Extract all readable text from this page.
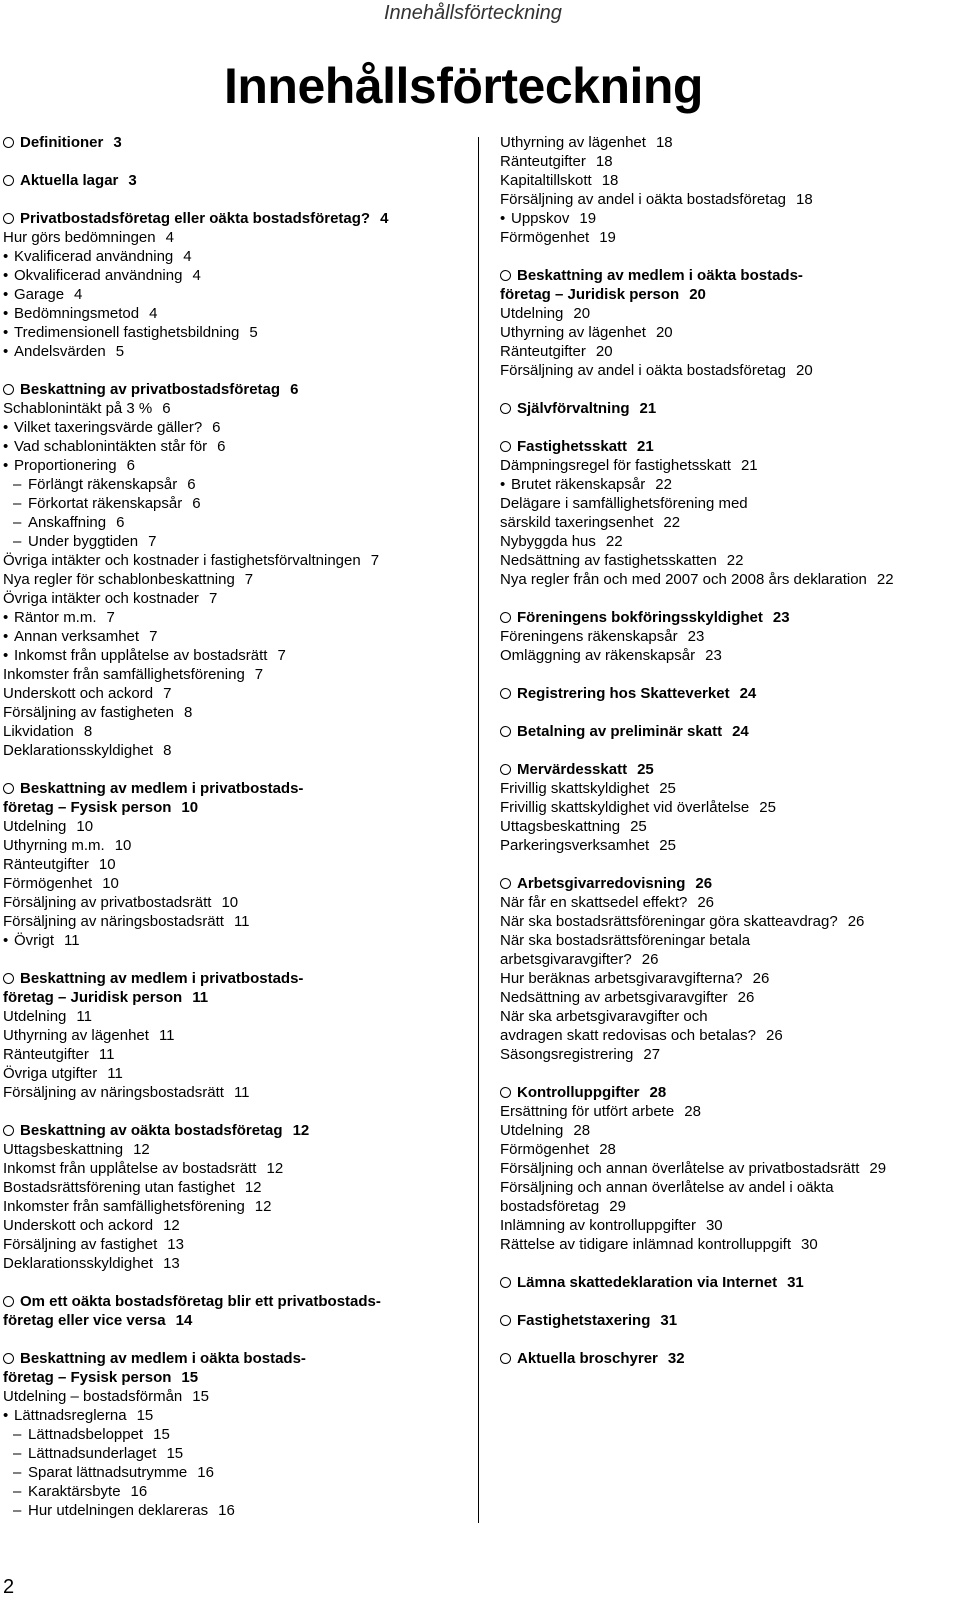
Innehållsförteckning
Innehållsförteckning
Definitioner 3
Aktuella lagar 3
Privatbostadsföretag eller oäkta bostadsföretag? 4
Hur görs bedömningen 4
• Kvalificerad användning 4
• Okvalificerad användning 4
• Garage 4
• Bedömningsmetod 4
• Tredimensionell fastighetsbildning 5
• Andelsvärden 5
Beskattning av privatbostadsföretag 6
Schablonintäkt på 3 % 6
• Vilket taxeringsvärde gäller? 6
• Vad schablonintäkten står för 6
• Proportionering 6
– Förlängt räkenskapsår 6
– Förkortat räkenskapsår 6
– Anskaffning 6
– Under byggtiden 7
Övriga intäkter och kostnader i fastighetsförvaltningen 7
Nya regler för schablonbeskattning 7
Övriga intäkter och kostnader 7
• Räntor m.m. 7
• Annan verksamhet 7
• Inkomst från upplåtelse av bostadsrätt 7
Inkomster från samfällighetsförening 7
Underskott och ackord 7
Försäljning av fastigheten 8
Likvidation 8
Deklarationsskyldighet 8
Beskattning av medlem i privatbostads-
företag – Fysisk person 10
Utdelning 10
Uthyrning m.m. 10
Ränteutgifter 10
Förmögenhet 10
Försäljning av privatbostadsrätt 10
Försäljning av näringsbostadsrätt 11
• Övrigt 11
Beskattning av medlem i privatbostads-
företag – Juridisk person 11
Utdelning 11
Uthyrning av lägenhet 11
Ränteutgifter 11
Övriga utgifter 11
Försäljning av näringsbostadsrätt 11
Beskattning av oäkta bostadsföretag 12
Uttagsbeskattning 12
Inkomst från upplåtelse av bostadsrätt 12
Bostadsrättsförening utan fastighet 12
Inkomster från samfällighetsförening 12
Underskott och ackord 12
Försäljning av fastighet 13
Deklarationsskyldighet 13
Om ett oäkta bostadsföretag blir ett privatbostads-
företag eller vice versa 14
Beskattning av medlem i oäkta bostads-
företag – Fysisk person 15
Utdelning – bostadsförmån 15
• Lättnadsreglerna 15
– Lättnadsbeloppet 15
– Lättnadsunderlaget 15
– Sparat lättnadsutrymme 16
– Karaktärsbyte 16
– Hur utdelningen deklareras 16
Uthyrning av lägenhet 18
Ränteutgifter 18
Kapitaltillskott 18
Försäljning av andel i oäkta bostadsföretag 18
• Uppskov 19
Förmögenhet 19
Beskattning av medlem i oäkta bostads-
företag – Juridisk person 20
Utdelning 20
Uthyrning av lägenhet 20
Ränteutgifter 20
Försäljning av andel i oäkta bostadsföretag 20
Självförvaltning 21
Fastighetsskatt 21
Dämpningsregel för fastighetsskatt 21
• Brutet räkenskapsår 22
Delägare i samfällighetsförening med
särskild taxeringsenhet 22
Nybyggda hus 22
Nedsättning av fastighetsskatten 22
Nya regler från och med 2007 och 2008 års deklaration 22
Föreningens bokföringsskyldighet 23
Föreningens räkenskapsår 23
Omläggning av räkenskapsår 23
Registrering hos Skatteverket 24
Betalning av preliminär skatt 24
Mervärdesskatt 25
Frivillig skattskyldighet 25
Frivillig skattskyldighet vid överlåtelse 25
Uttagsbeskattning 25
Parkeringsverksamhet 25
Arbetsgivarredovisning 26
När får en skattsedel effekt? 26
När ska bostadsrättsföreningar göra skatteavdrag? 26
När ska bostadsrättsföreningar betala
arbetsgivaravgifter? 26
Hur beräknas arbetsgivaravgifterna? 26
Nedsättning av arbetsgivaravgifter 26
När ska arbetsgivaravgifter och
avdragen skatt redovisas och betalas? 26
Säsongsregistrering 27
Kontrolluppgifter 28
Ersättning för utfört arbete 28
Utdelning 28
Förmögenhet 28
Försäljning och annan överlåtelse av privatbostadsrätt 29
Försäljning och annan överlåtelse av andel i oäkta
bostadsföretag 29
Inlämning av kontrolluppgifter 30
Rättelse av tidigare inlämnad kontrolluppgift 30
Lämna skattedeklaration via Internet 31
Fastighetstaxering 31
Aktuella broschyrer 32
2
